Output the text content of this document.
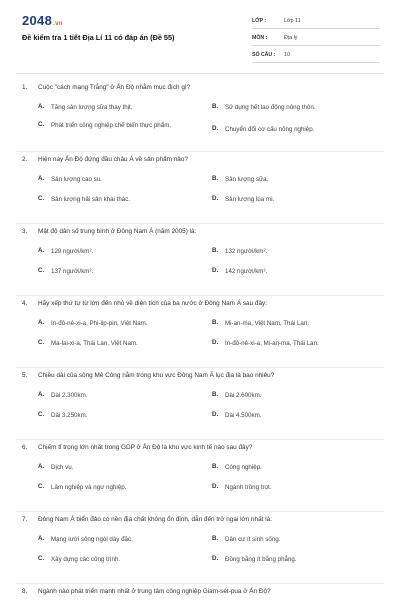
2048.vn
Đề kiểm tra 1 tiết Địa Lí 11 có đáp án (Đề 55)
LỚP :	Lớp 11
MÔN :	Địa lý
SỐ CÂU :	10
1. Cuộc "cách mạng Trắng" ở Ấn Độ nhằm mục đích gì?
A.	Tăng sản lượng sữa thay thịt.	B.	Sử dụng hết lao động nông thôn.
C.	Phát triển công nghiệp chế biến thực phẩm.	D.	Chuyển đổi cơ cấu nông nghiệp.
2. Hiện nay Ấn Độ đứng đầu châu Á về sản phẩm nào?
A.	Sản lượng cao su.	B.	Sản lượng sữa.
C.	Sản lượng hải sản khai thác.	D.	Sản lượng lúa mì.
3. Mật độ dân số trung bình ở Đông Nam Á (năm 2005) là:
A.	129 người/km².	B.	132 người/km².
C.	137 người/km².	D.	142 người/km².
4. Hãy xếp thứ tự từ lớn đến nhỏ về diện tích của ba nước ở Đông Nam Á sau đây:
A.	In-đô-nê-xi-a, Phi-lip-pin, Việt Nam.	B.	Mi-an-ma, Việt Nam, Thái Lan.
C.	Ma-lai-xi-a, Thái Lan, Việt Nam.	D.	In-đô-nê-xi-a, Mi-an-ma, Thái Lan.
5. Chiều dài của sông Mê Công nằm trong khu vực Đông Nam Á lục địa là bao nhiêu?
A.	Dài 2.300km.	B.	Dài 2.600km.
C.	Dài 3.250km.	D.	Dài 4.500km.
6. Chiếm tỉ trọng lớn nhất trong GDP ở Ấn Độ là khu vực kinh tế nào sau đây?
A.	Dịch vụ.	B.	Công nghiệp.
C.	Lâm nghiệp và ngư nghiệp.	D.	Ngành trồng trọt.
7. Đông Nam Á biển đảo có nền địa chất không ổn định, dẫn đến trở ngại lớn nhất là:
A.	Mạng lưới sông ngòi dày đặc.	B.	Dân cư ít sinh sống.
C.	Xây dựng các công trình.	D.	Đồng bằng ít bằng phẳng.
8. Ngành nào phát triển mạnh nhất ở trung tâm công nghiệp Giam-sét-pua ở Ấn Độ?
